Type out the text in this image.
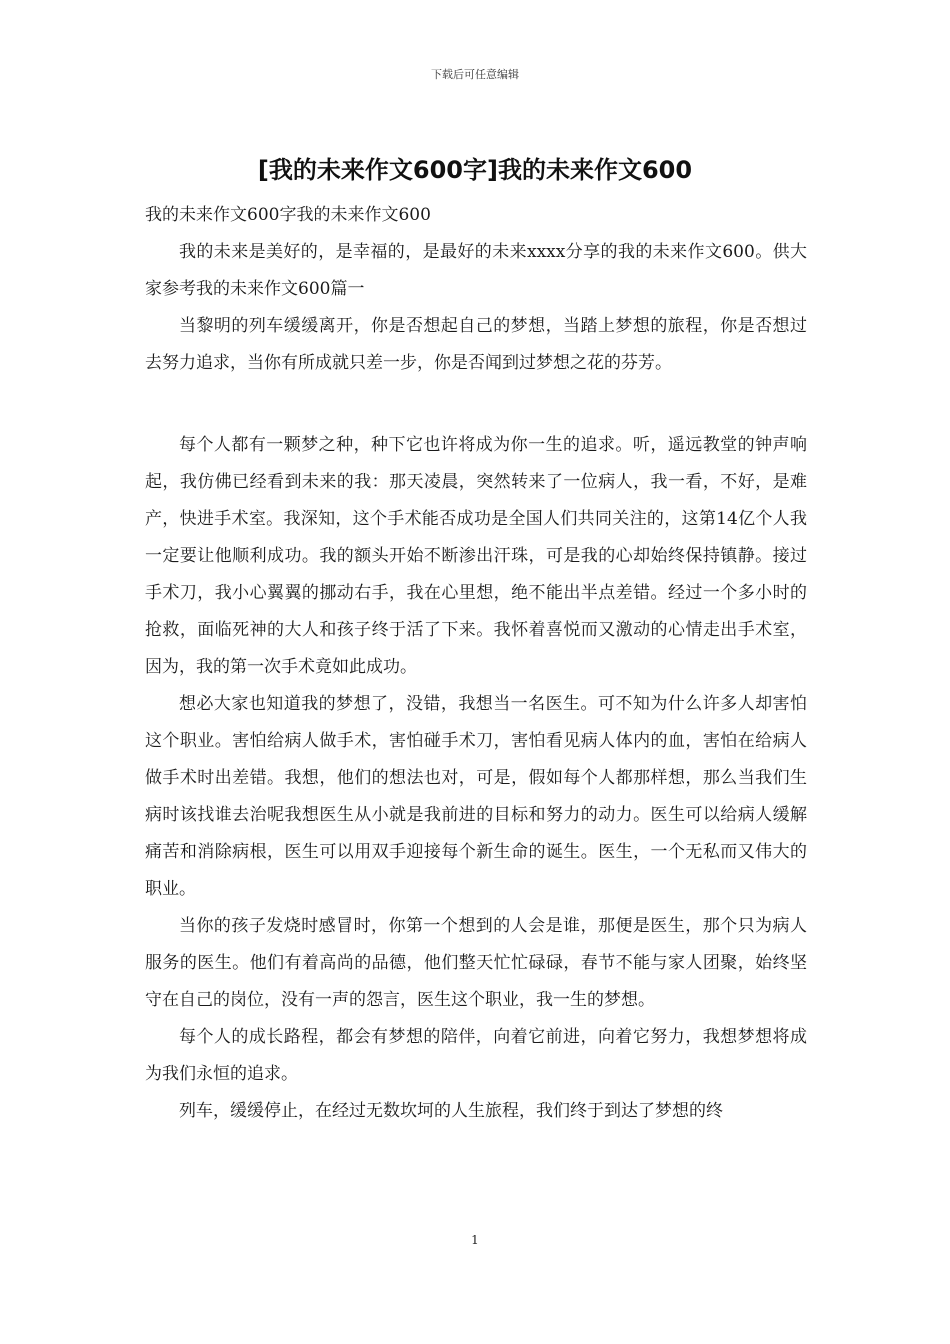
下载后可任意编辑
[我的未来作文600字]我的未来作文600

我的未来作文600字我的未来作文600

我的未来是美好的，是幸福的，是最好的未来xxxx分享的我的未来作文600。供大家参考我的未来作文600篇一

当黎明的列车缓缓离开，你是否想起自己的梦想，当踏上梦想的旅程，你是否想过去努力追求，当你有所成就只差一步，你是否闻到过梦想之花的芬芳。

每个人都有一颗梦之种，种下它也许将成为你一生的追求。听，遥远教堂的钟声响起，我仿佛已经看到未来的我：那天凌晨，突然转来了一位病人，我一看，不好，是难产，快进手术室。我深知，这个手术能否成功是全国人们共同关注的，这第14亿个人我一定要让他顺利成功。我的额头开始不断渗出汗珠，可是我的心却始终保持镇静。接过手术刀，我小心翼翼的挪动右手，我在心里想，绝不能出半点差错。经过一个多小时的抢救，面临死神的大人和孩子终于活了下来。我怀着喜悦而又激动的心情走出手术室，因为，我的第一次手术竟如此成功。

想必大家也知道我的梦想了，没错，我想当一名医生。可不知为什么许多人却害怕这个职业。害怕给病人做手术，害怕碰手术刀，害怕看见病人体内的血，害怕在给病人做手术时出差错。我想，他们的想法也对，可是，假如每个人都那样想，那么当我们生病时该找谁去治呢我想医生从小就是我前进的目标和努力的动力。医生可以给病人缓解痛苦和消除病根，医生可以用双手迎接每个新生命的诞生。医生，一个无私而又伟大的职业。

当你的孩子发烧时感冒时，你第一个想到的人会是谁，那便是医生，那个只为病人服务的医生。他们有着高尚的品德，他们整天忙忙碌碌，春节不能与家人团聚，始终坚守在自己的岗位，没有一声的怨言，医生这个职业，我一生的梦想。

每个人的成长路程，都会有梦想的陪伴，向着它前进，向着它努力，我想梦想将成为我们永恒的追求。

列车，缓缓停止，在经过无数坎坷的人生旅程，我们终于到达了梦想的终

1
